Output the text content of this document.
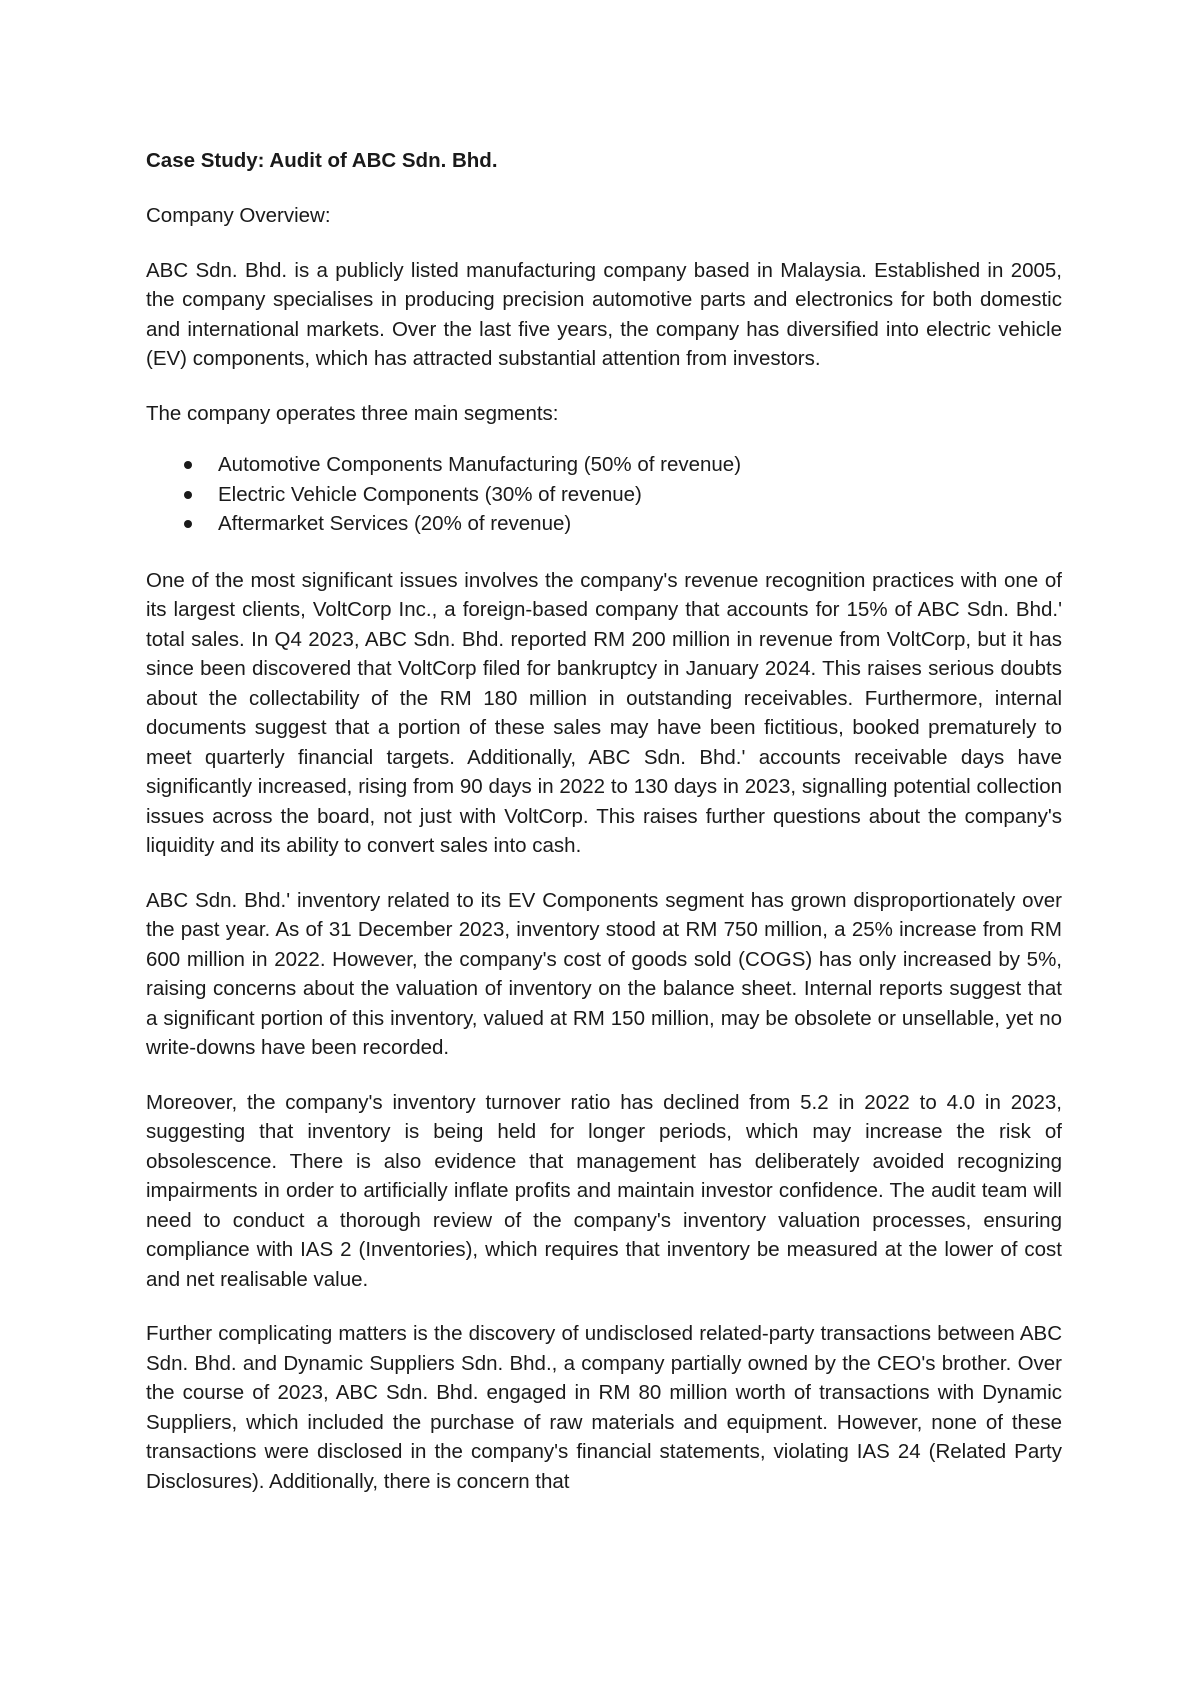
Case Study: Audit of ABC Sdn. Bhd.
Company Overview:
ABC Sdn. Bhd. is a publicly listed manufacturing company based in Malaysia. Established in 2005, the company specialises in producing precision automotive parts and electronics for both domestic and international markets. Over the last five years, the company has diversified into electric vehicle (EV) components, which has attracted substantial attention from investors.
The company operates three main segments:
Automotive Components Manufacturing (50% of revenue)
Electric Vehicle Components (30% of revenue)
Aftermarket Services (20% of revenue)
One of the most significant issues involves the company's revenue recognition practices with one of its largest clients, VoltCorp Inc., a foreign-based company that accounts for 15% of ABC Sdn. Bhd.' total sales. In Q4 2023, ABC Sdn. Bhd. reported RM 200 million in revenue from VoltCorp, but it has since been discovered that VoltCorp filed for bankruptcy in January 2024. This raises serious doubts about the collectability of the RM 180 million in outstanding receivables. Furthermore, internal documents suggest that a portion of these sales may have been fictitious, booked prematurely to meet quarterly financial targets. Additionally, ABC Sdn. Bhd.' accounts receivable days have significantly increased, rising from 90 days in 2022 to 130 days in 2023, signalling potential collection issues across the board, not just with VoltCorp. This raises further questions about the company's liquidity and its ability to convert sales into cash.
ABC Sdn. Bhd.' inventory related to its EV Components segment has grown disproportionately over the past year. As of 31 December 2023, inventory stood at RM 750 million, a 25% increase from RM 600 million in 2022. However, the company's cost of goods sold (COGS) has only increased by 5%, raising concerns about the valuation of inventory on the balance sheet. Internal reports suggest that a significant portion of this inventory, valued at RM 150 million, may be obsolete or unsellable, yet no write-downs have been recorded.
Moreover, the company's inventory turnover ratio has declined from 5.2 in 2022 to 4.0 in 2023, suggesting that inventory is being held for longer periods, which may increase the risk of obsolescence. There is also evidence that management has deliberately avoided recognizing impairments in order to artificially inflate profits and maintain investor confidence. The audit team will need to conduct a thorough review of the company's inventory valuation processes, ensuring compliance with IAS 2 (Inventories), which requires that inventory be measured at the lower of cost and net realisable value.
Further complicating matters is the discovery of undisclosed related-party transactions between ABC Sdn. Bhd. and Dynamic Suppliers Sdn. Bhd., a company partially owned by the CEO's brother. Over the course of 2023, ABC Sdn. Bhd. engaged in RM 80 million worth of transactions with Dynamic Suppliers, which included the purchase of raw materials and equipment. However, none of these transactions were disclosed in the company's financial statements, violating IAS 24 (Related Party Disclosures). Additionally, there is concern that
